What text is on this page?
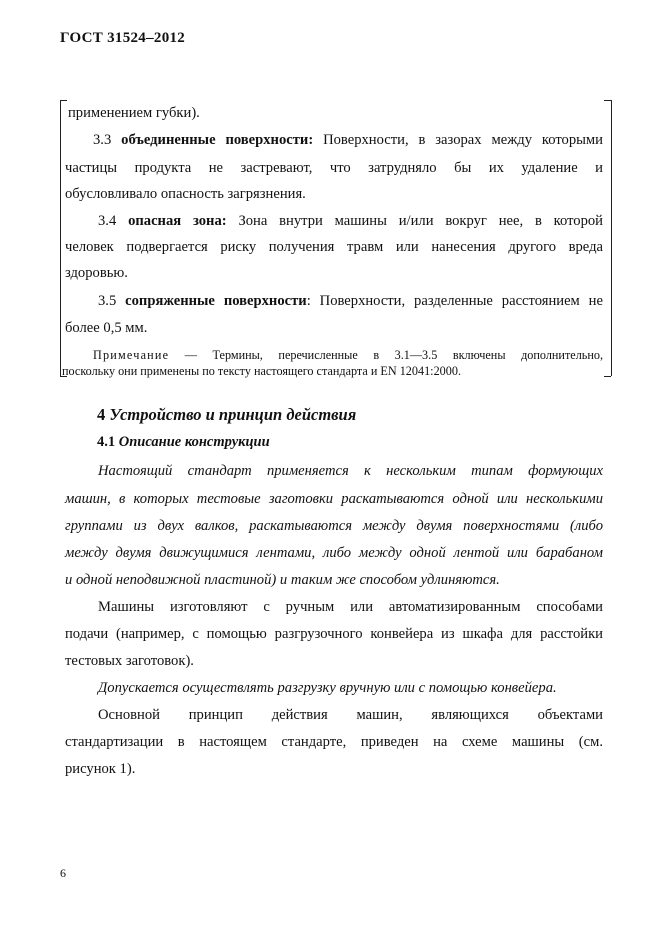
ГОСТ 31524–2012
применением губки).
3.3 объединенные поверхности: Поверхности, в зазорах между которыми
частицы продукта не застревают, что затрудняло бы их удаление и
обусловливало опасность загрязнения.
3.4 опасная зона: Зона внутри машины и/или вокруг нее, в которой
человек подвергается риску получения травм или нанесения другого вреда
здоровью.
3.5 сопряженные поверхности: Поверхности, разделенные расстоянием не
более 0,5 мм.
Примечание — Термины, перечисленные в 3.1—3.5 включены дополнительно,
поскольку они применены по тексту настоящего стандарта и EN 12041:2000.
4 Устройство и принцип действия
4.1 Описание конструкции
Настоящий стандарт применяется к нескольким типам формующих
машин, в которых тестовые заготовки раскатываются одной или несколькими
группами из двух валков, раскатываются между двумя поверхностями (либо
между двумя движущимися лентами, либо между одной лентой или барабаном
и одной неподвижной пластиной) и таким же способом удлиняются.
Машины изготовляют с ручным или автоматизированным способами
подачи (например, с помощью разгрузочного конвейера из шкафа для расстойки
тестовых заготовок).
Допускается осуществлять разгрузку вручную или с помощью конвейера.
Основной принцип действия машин, являющихся объектами
стандартизации в настоящем стандарте, приведен на схеме машины (см.
рисунок 1).
6
